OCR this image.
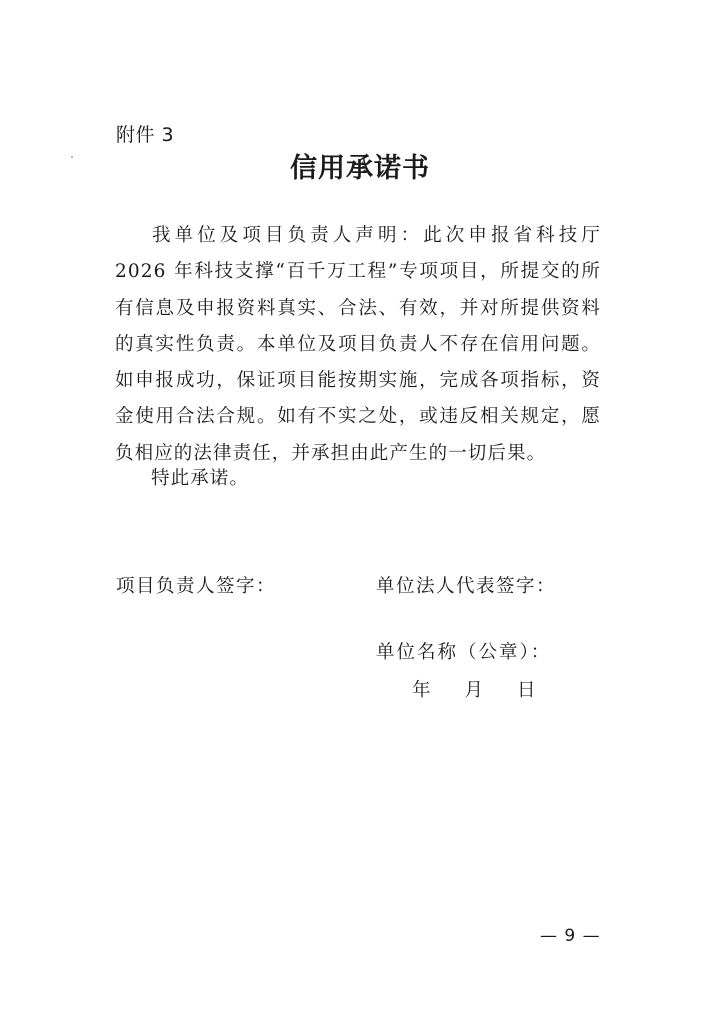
附件 3
信用承诺书

我单位及项目负责人声明：此次申报省科技厅 2026 年科技支撑“百千万工程”专项项目，所提交的所有信息及申报资料真实、合法、有效，并对所提供资料的真实性负责。本单位及项目负责人不存在信用问题。如申报成功，保证项目能按期实施，完成各项指标，资金使用合法合规。如有不实之处，或违反相关规定，愿负相应的法律责任，并承担由此产生的一切后果。

特此承诺。
项目负责人签字：	单位法人代表签字：
单位名称（公章）：
年 月 日
— 9 —
